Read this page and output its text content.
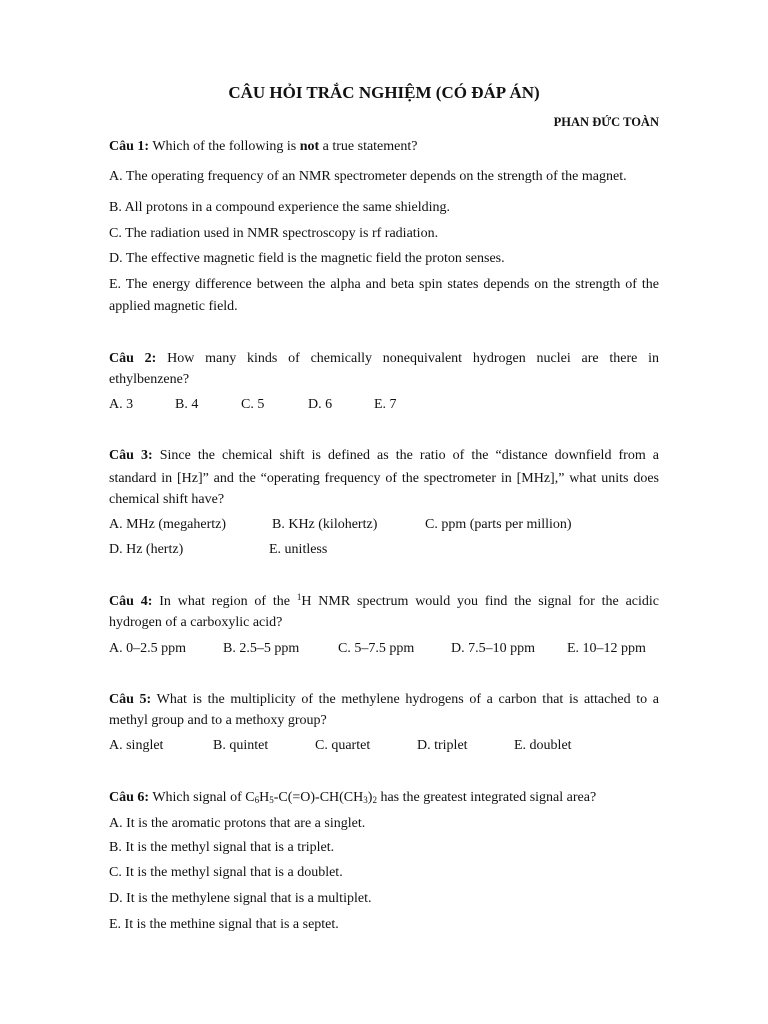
CÂU HỎI TRẮC NGHIỆM (CÓ ĐÁP ÁN)
PHAN ĐỨC TOÀN
Câu 1: Which of the following is not a true statement?
A. The operating frequency of an NMR spectrometer depends on the strength of the magnet.
B. All protons in a compound experience the same shielding.
C. The radiation used in NMR spectroscopy is rf radiation.
D. The effective magnetic field is the magnetic field the proton senses.
E. The energy difference between the alpha and beta spin states depends on the strength of the
applied magnetic field.
Câu 2: How many kinds of chemically nonequivalent hydrogen nuclei are there in
ethylbenzene?
A. 3	B. 4	C. 5	D. 6	E. 7
Câu 3: Since the chemical shift is defined as the ratio of the “distance downfield from a
standard in [Hz]” and the “operating frequency of the spectrometer in [MHz],” what units does
chemical shift have?
A. MHz (megahertz)	B. KHz (kilohertz)	C. ppm (parts per million)
D. Hz (hertz)	E. unitless
Câu 4: In what region of the $^1$H NMR spectrum would you find the signal for the acidic
hydrogen of a carboxylic acid?
A. 0–2.5 ppm	B. 2.5–5 ppm	C. 5–7.5 ppm	D. 7.5–10 ppm E. 10–12 ppm
Câu 5: What is the multiplicity of the methylene hydrogens of a carbon that is attached to a
methyl group and to a methoxy group?
A. singlet	B. quintet	C. quartet	D. triplet	E. doublet
Câu 6: Which signal of $C_6H_5-C(=O)-CH(CH_3)_2$ has the greatest integrated signal area?
A. It is the aromatic protons that are a singlet.
B. It is the methyl signal that is a triplet.
C. It is the methyl signal that is a doublet.
D. It is the methylene signal that is a multiplet.
E. It is the methine signal that is a septet.
